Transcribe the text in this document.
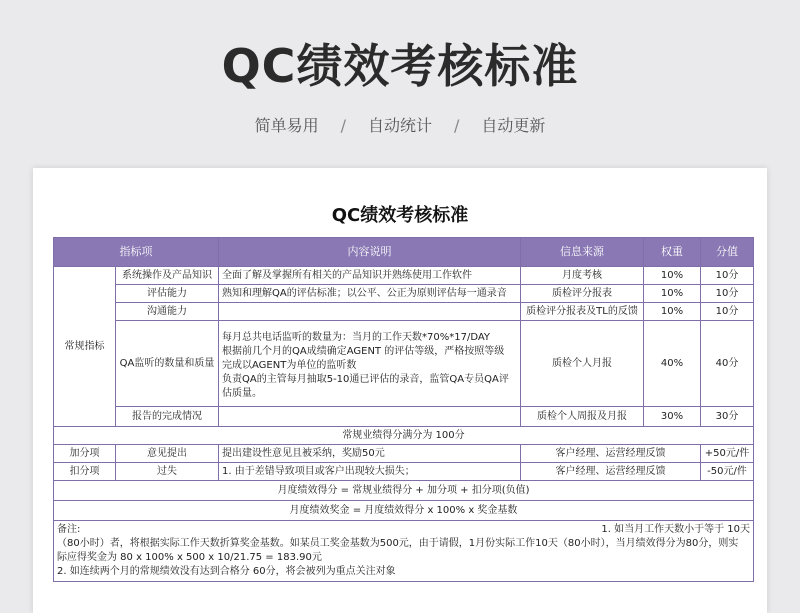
QC绩效考核标准
简单易用 / 自动统计 / 自动更新
QC绩效考核标准
指标项		内容说明	信息来源	权重	分值
常规指标	系统操作及产品知识	全面了解及掌握所有相关的产品知识并熟练使用工作软件	月度考核	10%	10分
	评估能力	熟知和理解QA的评估标准；以公平、公正为原则评估每一通录音	质检评分报表	10%	10分
	沟通能力		质检评分报表及TL的反馈	10%	10分
	QA监听的数量和质量	每月总共电话监听的数量为：当月的工作天数*70%*17/DAY
根据前几个月的QA成绩确定AGENT 的评估等级，严格按照等级
完成以AGENT为单位的监听数
负责QA的主管每月抽取5-10通已评估的录音，监管QA专员QA评
估质量。	质检个人月报	40%	40分
	报告的完成情况		质检个人周报及月报	30%	30分
常规业绩得分满分为 100分					
加分项	意见提出	提出建设性意见且被采纳，奖励50元	客户经理、运营经理反馈		+50元/件
扣分项	过失	1. 由于差错导致项目或客户出现较大损失；	客户经理、运营经理反馈		-50元/件
月度绩效得分 = 常规业绩得分 + 加分项 + 扣分项(负值)					
月度绩效奖金 = 月度绩效得分 x 100% x 奖金基数					

备注: 1. 如当月工作天数小于等于 10天
（80小时）者，将根据实际工作天数折算奖金基数。如某员工奖金基数为500元，由于请假，1月份实际工作10天（80小时），当月绩效得分为80分，则实
际应得奖金为 80 x 100% x 500 x 10/21.75 = 183.90元
2. 如连续两个月的常规绩效没有达到合格分 60分，将会被列为重点关注对象					
